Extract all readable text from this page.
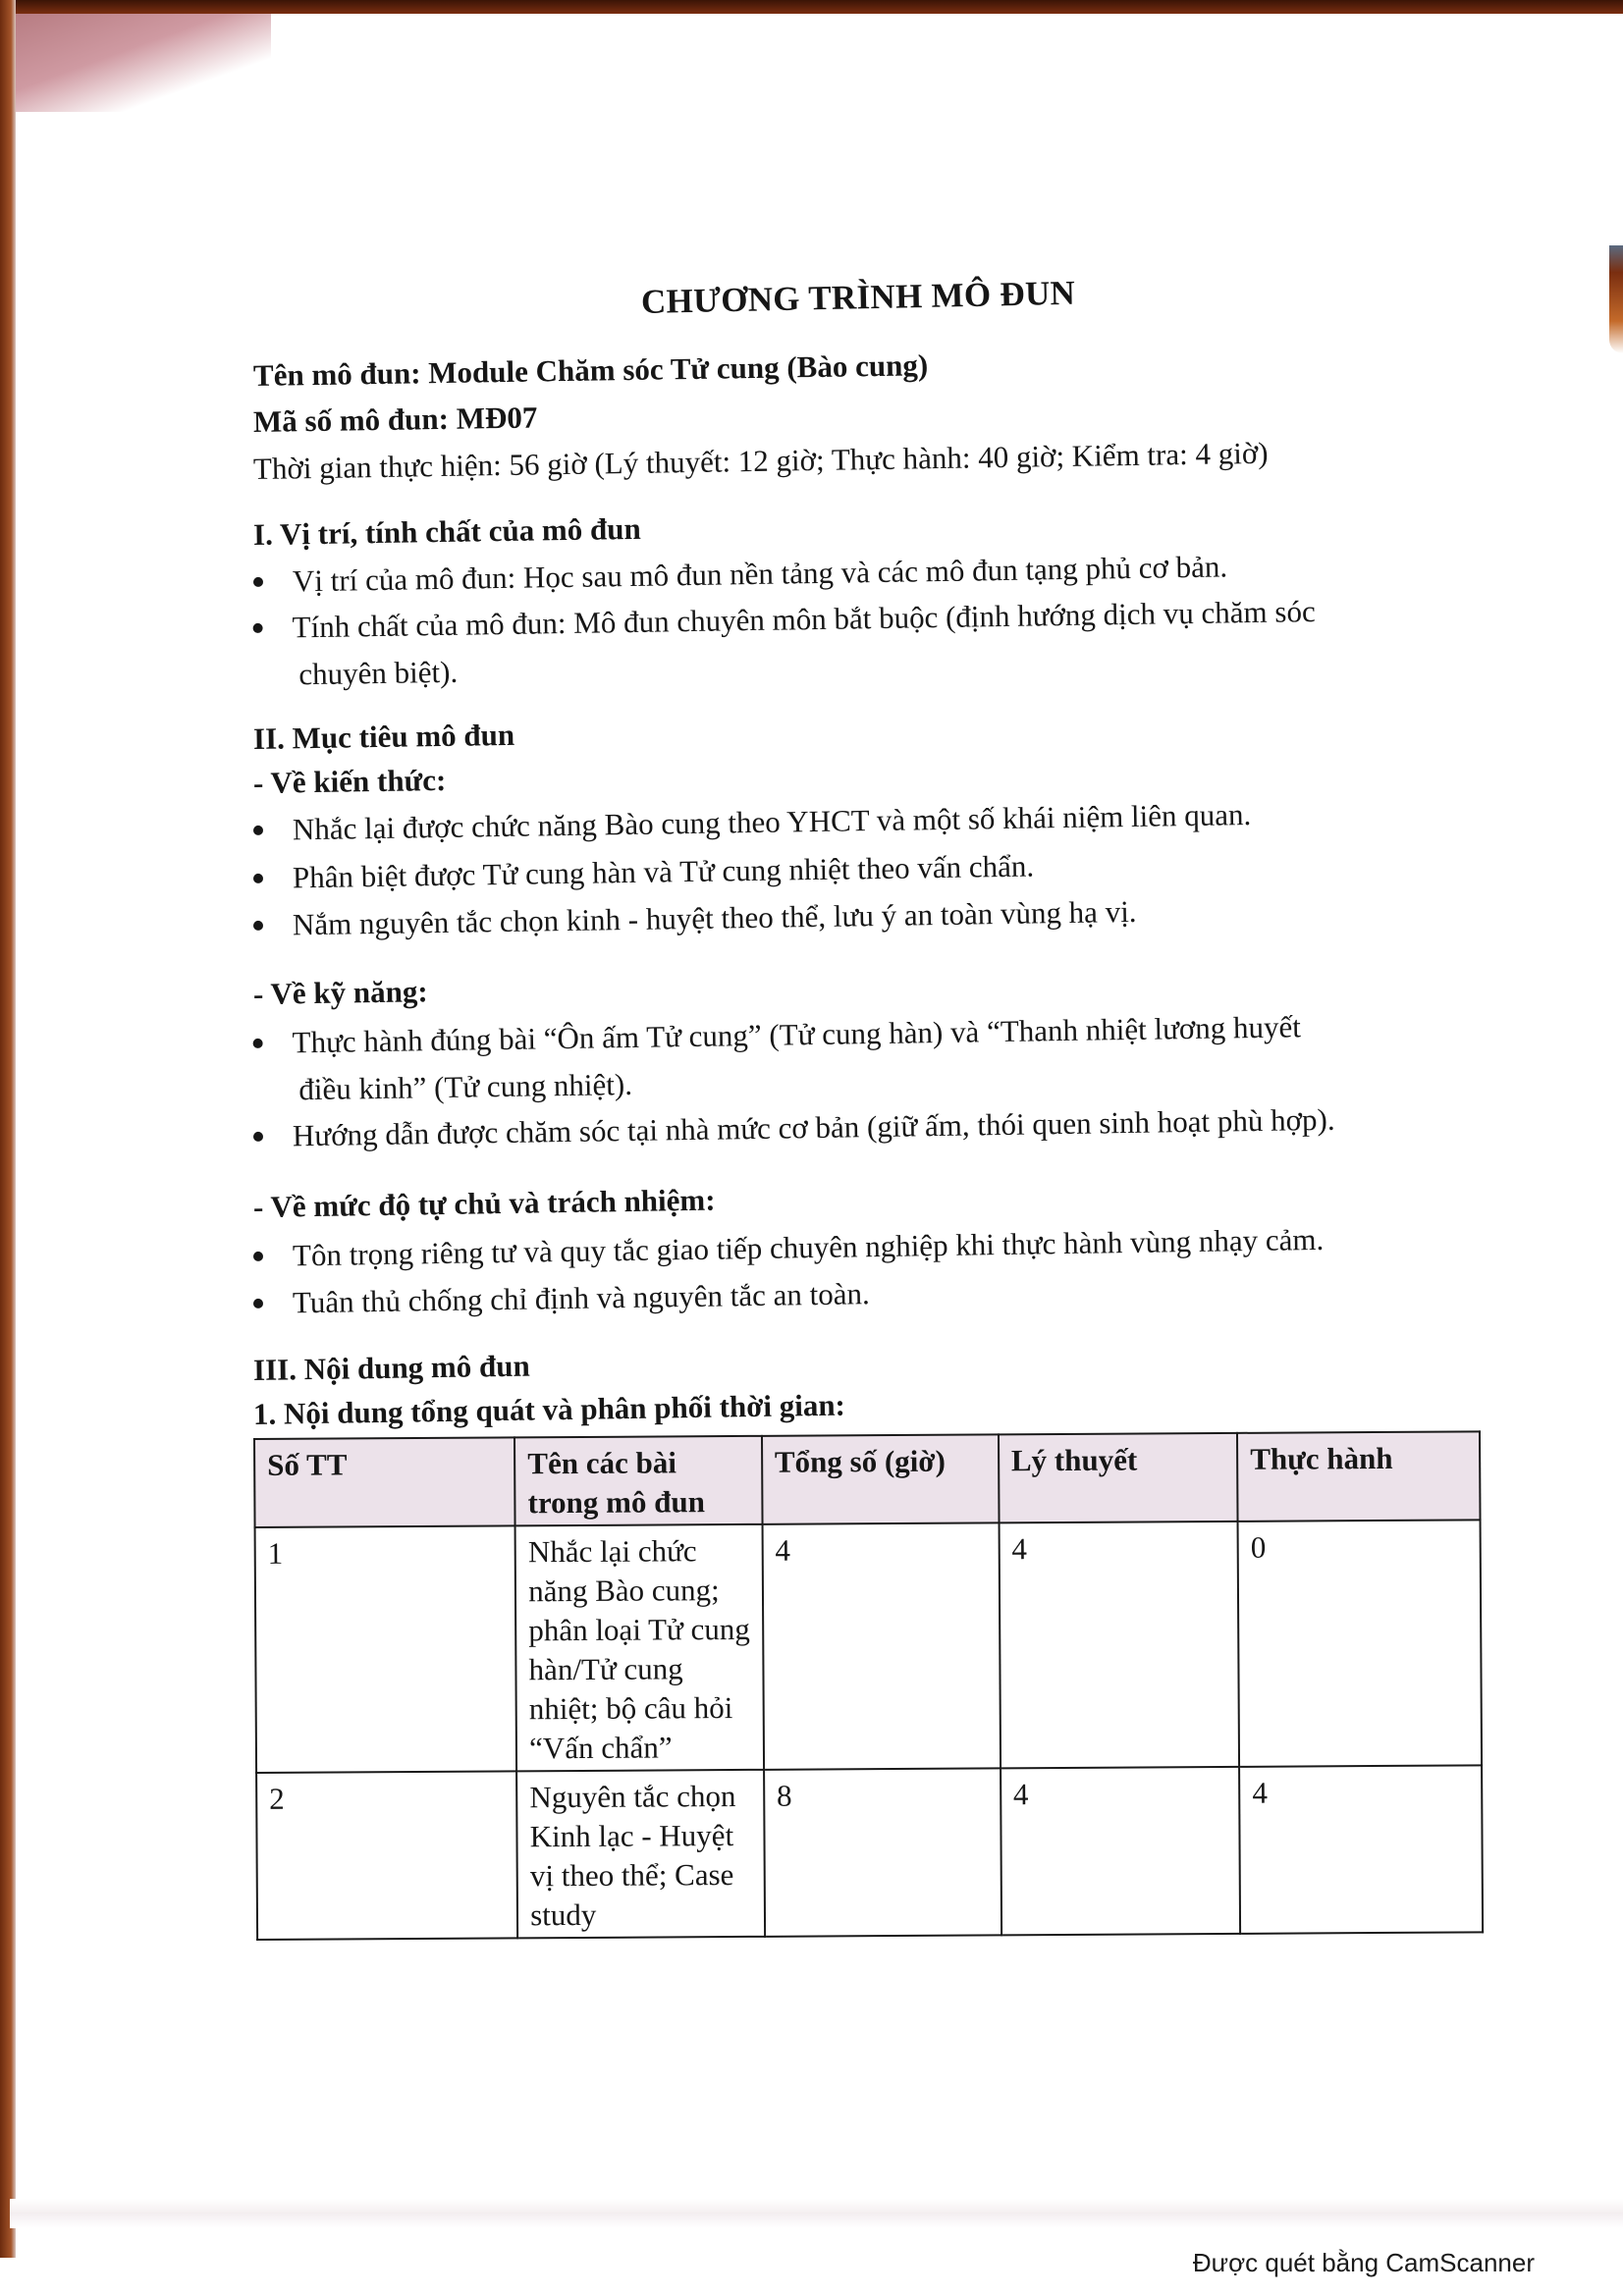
CHƯƠNG TRÌNH MÔ ĐUN
Tên mô đun: Module Chăm sóc Tử cung (Bào cung)
Mã số mô đun: MĐ07
Thời gian thực hiện: 56 giờ (Lý thuyết: 12 giờ; Thực hành: 40 giờ; Kiểm tra: 4 giờ)
I. Vị trí, tính chất của mô đun
Vị trí của mô đun: Học sau mô đun nền tảng và các mô đun tạng phủ cơ bản.
Tính chất của mô đun: Mô đun chuyên môn bắt buộc (định hướng dịch vụ chăm sóc
chuyên biệt).
II. Mục tiêu mô đun
- Về kiến thức:
Nhắc lại được chức năng Bào cung theo YHCT và một số khái niệm liên quan.
Phân biệt được Tử cung hàn và Tử cung nhiệt theo vấn chẩn.
Nắm nguyên tắc chọn kinh - huyệt theo thể, lưu ý an toàn vùng hạ vị.
- Về kỹ năng:
Thực hành đúng bài “Ôn ấm Tử cung” (Tử cung hàn) và “Thanh nhiệt lương huyết
điều kinh” (Tử cung nhiệt).
Hướng dẫn được chăm sóc tại nhà mức cơ bản (giữ ấm, thói quen sinh hoạt phù hợp).
- Về mức độ tự chủ và trách nhiệm:
Tôn trọng riêng tư và quy tắc giao tiếp chuyên nghiệp khi thực hành vùng nhạy cảm.
Tuân thủ chống chỉ định và nguyên tắc an toàn.
III. Nội dung mô đun
1. Nội dung tổng quát và phân phối thời gian:
Số TT	Tên các bài trong mô đun	Tổng số (giờ)	Lý thuyết	Thực hành
1	Nhắc lại chức năng Bào cung; phân loại Tử cung hàn/Tử cung nhiệt; bộ câu hỏi “Vấn chẩn”	4	4	0
2	Nguyên tắc chọn Kinh lạc - Huyệt vị theo thể; Case study	8	4	4
Được quét bằng CamScanner
